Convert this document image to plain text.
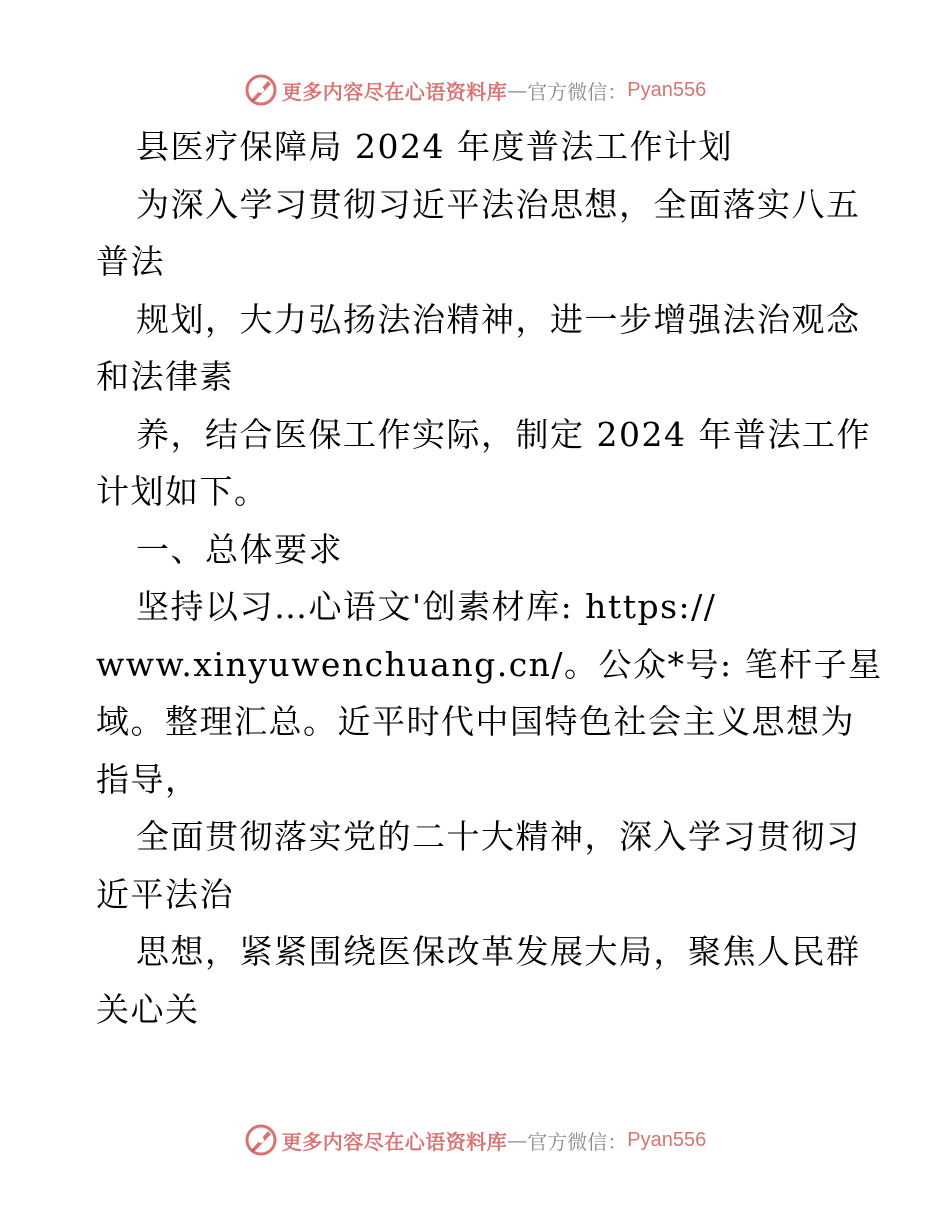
更多内容尽在心语资料库 — 官方微信： Pyan556
县医疗保障局 2024 年度普法工作计划
为深入学习贯彻习近平法治思想，全面落实八五
普法
规划，大力弘扬法治精神，进一步增强法治观念
和法律素
养，结合医保工作实际，制定 2024 年普法工作
计划如下。
一、总体要求
坚持以习…心语文'创素材库: https://
www.xinyuwenchuang.cn/。公众*号: 笔杆子星
域。整理汇总。近平时代中国特色社会主义思想为
指导，
全面贯彻落实党的二十大精神，深入学习贯彻习
近平法治
思想，紧紧围绕医保改革发展大局，聚焦人民群
关心关
更多内容尽在心语资料库 — 官方微信： Pyan556
